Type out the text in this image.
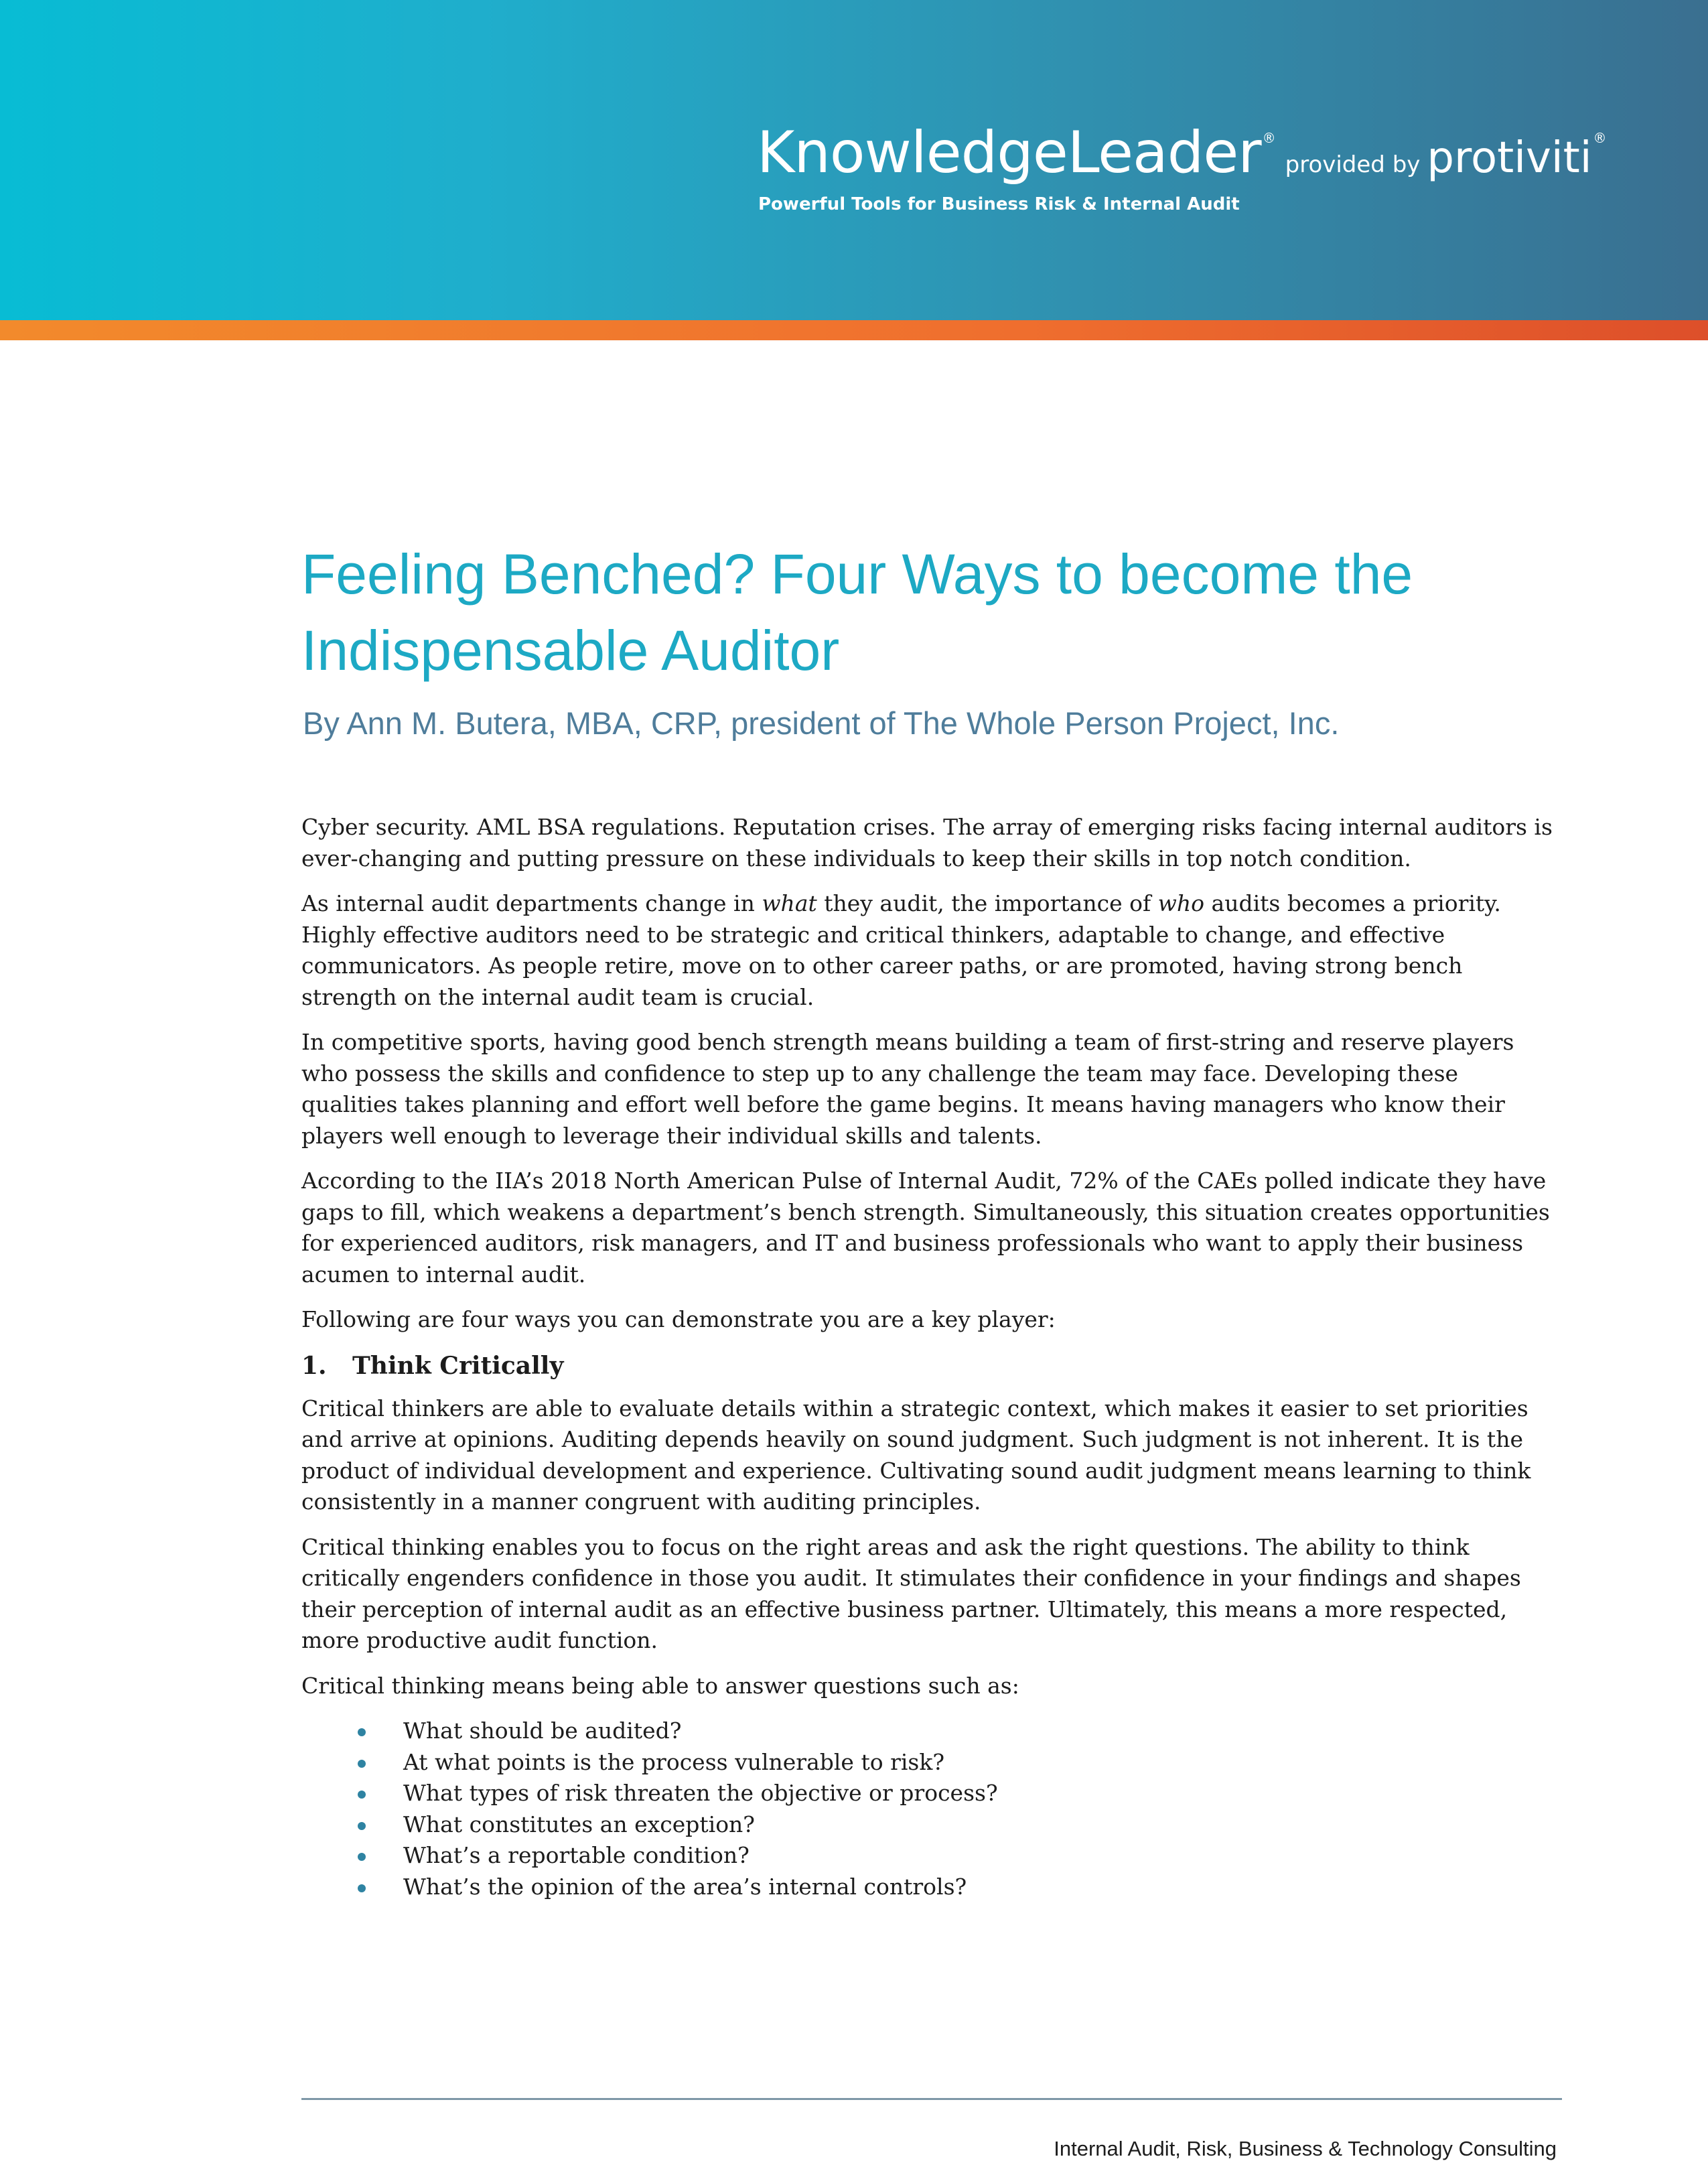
KnowledgeLeader ®provided by protiviti ®
Powerful Tools for Business Risk & Internal Audit
Feeling Benched? Four Ways to become the Indispensable Auditor

By Ann M. Butera, MBA, CRP, president of The Whole Person Project, Inc.

Cyber security. AML BSA regulations. Reputation crises. The array of emerging risks facing internal auditors is ever-changing and putting pressure on these individuals to keep their skills in top notch condition.

As internal audit departments change in what they audit, the importance of who audits becomes a priority. Highly effective auditors need to be strategic and critical thinkers, adaptable to change, and effective communicators. As people retire, move on to other career paths, or are promoted, having strong bench strength on the internal audit team is crucial.

In competitive sports, having good bench strength means building a team of first-string and reserve players who possess the skills and confidence to step up to any challenge the team may face. Developing these qualities takes planning and effort well before the game begins. It means having managers who know their players well enough to leverage their individual skills and talents.

According to the IIA’s 2018 North American Pulse of Internal Audit, 72% of the CAEs polled indicate they have gaps to fill, which weakens a department’s bench strength. Simultaneously, this situation creates opportunities for experienced auditors, risk managers, and IT and business professionals who want to apply their business acumen to internal audit.

Following are four ways you can demonstrate you are a key player:

1. Think Critically

Critical thinkers are able to evaluate details within a strategic context, which makes it easier to set priorities and arrive at opinions. Auditing depends heavily on sound judgment. Such judgment is not inherent. It is the product of individual development and experience. Cultivating sound audit judgment means learning to think consistently in a manner congruent with auditing principles.

Critical thinking enables you to focus on the right areas and ask the right questions. The ability to think critically engenders confidence in those you audit. It stimulates their confidence in your findings and shapes their perception of internal audit as an effective business partner. Ultimately, this means a more respected, more productive audit function.

Critical thinking means being able to answer questions such as:

What should be audited?
At what points is the process vulnerable to risk?
What types of risk threaten the objective or process?
What constitutes an exception?
What’s a reportable condition?
What’s the opinion of the area’s internal controls?

Internal Audit, Risk, Business & Technology Consulting
